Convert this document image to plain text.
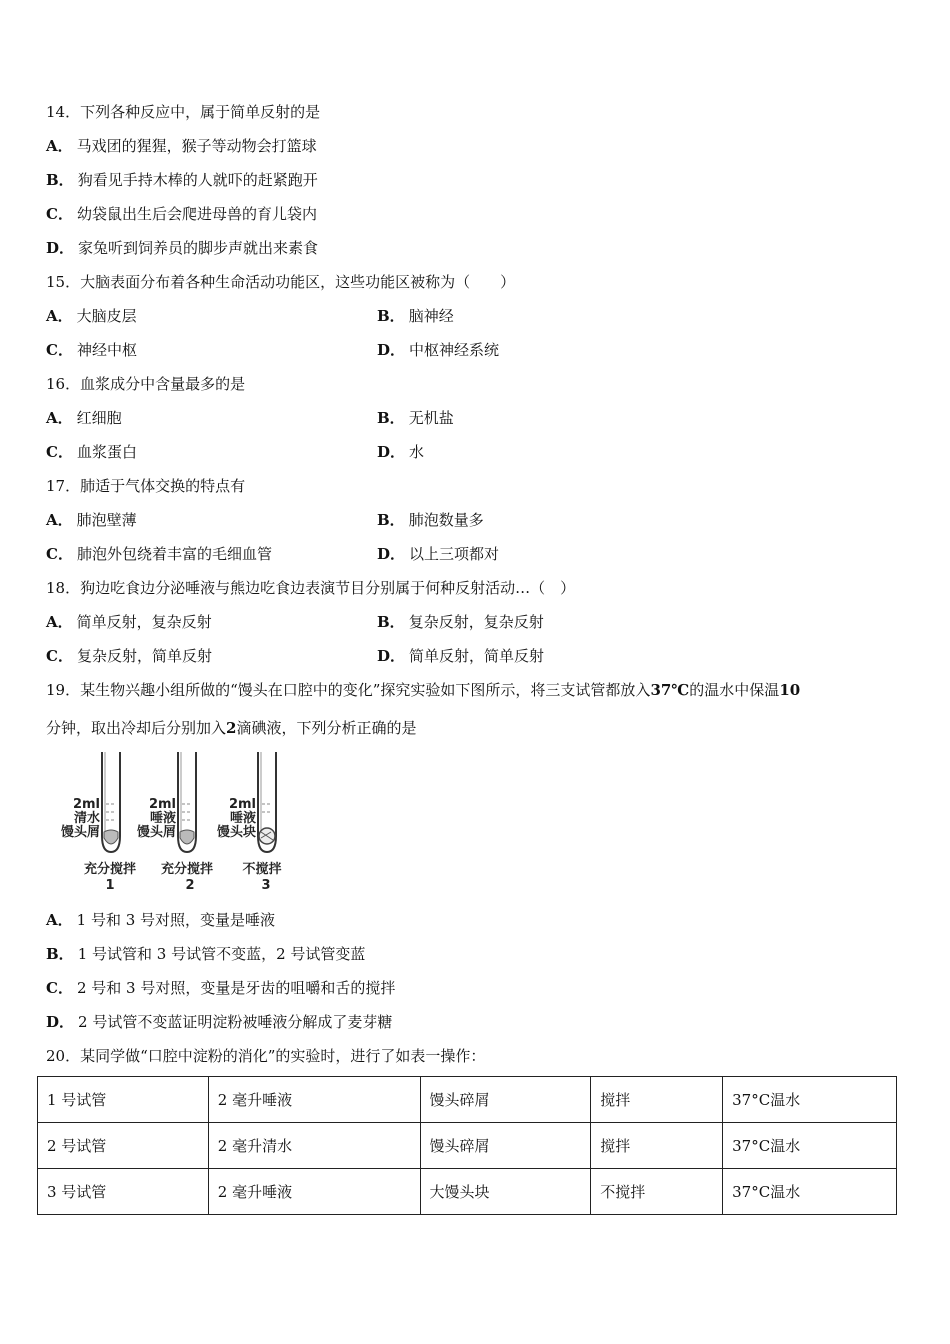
14．下列各种反应中，属于简单反射的是
A． 马戏团的猩猩，猴子等动物会打篮球
B． 狗看见手持木棒的人就吓的赶紧跑开
C． 幼袋鼠出生后会爬进母兽的育儿袋内
D． 家兔听到饲养员的脚步声就出来素食
15．大脑表面分布着各种生命活动功能区，这些功能区被称为（　　）
A． 大脑皮层	B． 脑神经
C． 神经中枢	D． 中枢神经系统
16．血浆成分中含量最多的是
A． 红细胞	B． 无机盐
C． 血浆蛋白	D． 水
17．肺适于气体交换的特点有
A． 肺泡壁薄	B． 肺泡数量多
C． 肺泡外包绕着丰富的毛细血管	D． 以上三项都对
18．狗边吃食边分泌唾液与熊边吃食边表演节目分别属于何种反射活动…（　）
A． 简单反射，复杂反射	B． 复杂反射，复杂反射
C． 复杂反射，简单反射	D． 简单反射，简单反射
19．某生物兴趣小组所做的“馒头在口腔中的变化”探究实验如下图所示，将三支试管都放入37℃的温水中保温10
分钟，取出冷却后分别加入2滴碘液，下列分析正确的是
2ml
清水
馒头屑
2ml
唾液
馒头屑
2ml
唾液
馒头块
充分搅拌	充分搅拌	不搅拌
1	2	3
A． 1 号和 3 号对照，变量是唾液
B． 1 号试管和 3 号试管不变蓝，2 号试管变蓝
C． 2 号和 3 号对照，变量是牙齿的咀嚼和舌的搅拌
D． 2 号试管不变蓝证明淀粉被唾液分解成了麦芽糖
20．某同学做“口腔中淀粉的消化”的实验时，进行了如表一操作：
1 号试管	2 毫升唾液	馒头碎屑	搅拌	37°C温水
2 号试管	2 毫升清水	馒头碎屑	搅拌	37°C温水
3 号试管	2 毫升唾液	大馒头块	不搅拌	37°C温水
